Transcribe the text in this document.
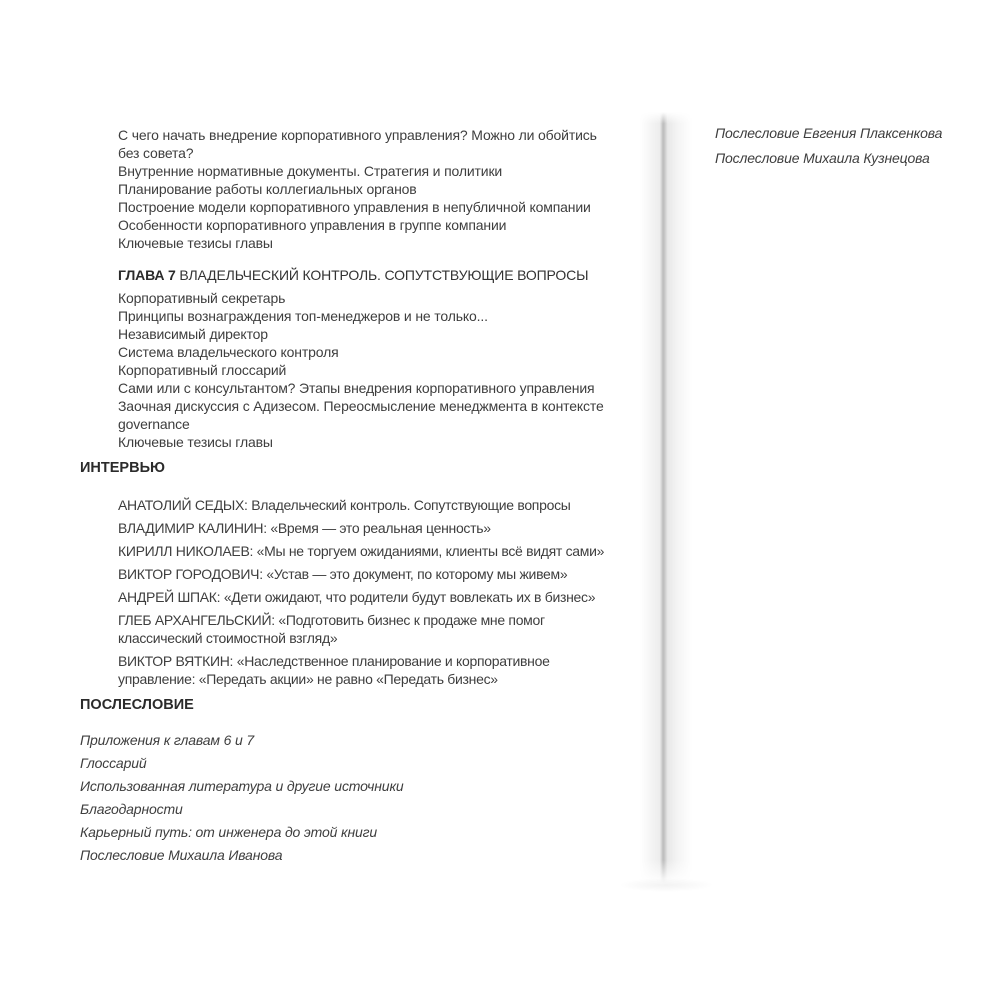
С чего начать внедрение корпоративного управления? Можно ли обойтись
без совета?
Внутренние нормативные документы. Стратегия и политики
Планирование работы коллегиальных органов
Построение модели корпоративного управления в непубличной компании
Особенности корпоративного управления в группе компании
Ключевые тезисы главы
ГЛАВА 7 ВЛАДЕЛЬЧЕСКИЙ КОНТРОЛЬ. СОПУТСТВУЮЩИЕ ВОПРОСЫ
Корпоративный секретарь
Принципы вознаграждения топ-менеджеров и не только...
Независимый директор
Система владельческого контроля
Корпоративный глоссарий
Сами или с консультантом? Этапы внедрения корпоративного управления
Заочная дискуссия с Адизесом. Переосмысление менеджмента в контексте
governance
Ключевые тезисы главы
ИНТЕРВЬЮ
АНАТОЛИЙ СЕДЫХ: Владельческий контроль. Сопутствующие вопросы
ВЛАДИМИР КАЛИНИН: «Время — это реальная ценность»
КИРИЛЛ НИКОЛАЕВ: «Мы не торгуем ожиданиями, клиенты всё видят сами»
ВИКТОР ГОРОДОВИЧ: «Устав — это документ, по которому мы живем»
АНДРЕЙ ШПАК: «Дети ожидают, что родители будут вовлекать их в бизнес»
ГЛЕБ АРХАНГЕЛЬСКИЙ: «Подготовить бизнес к продаже мне помог
классический стоимостной взгляд»
ВИКТОР ВЯТКИН: «Наследственное планирование и корпоративное
управление: «Передать акции» не равно «Передать бизнес»
ПОСЛЕСЛОВИЕ
Приложения к главам 6 и 7
Глоссарий
Использованная литература и другие источники
Благодарности
Карьерный путь: от инженера до этой книги
Послесловие Михаила Иванова
Послесловие Евгения Плаксенкова
Послесловие Михаила Кузнецова
